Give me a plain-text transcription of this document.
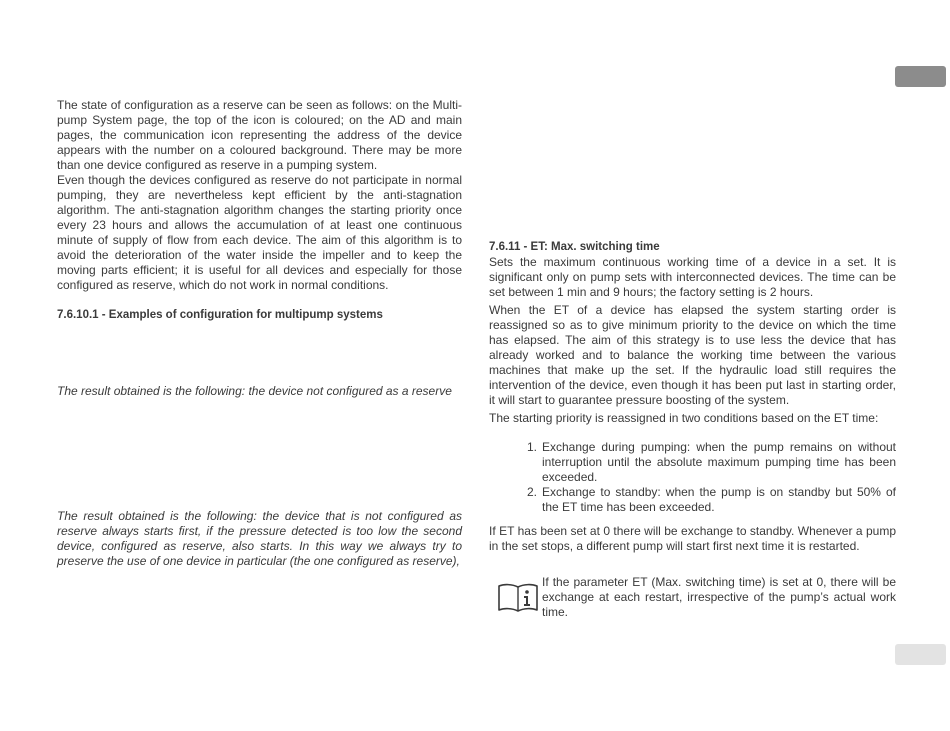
The state of configuration as a reserve can be seen as follows: on the Multi-pump System page, the top of the icon is coloured; on the AD and main pages, the communication icon representing the address of the device appears with the number on a coloured background. There may be more than one device configured as reserve in a pumping system.

Even though the devices configured as reserve do not participate in normal pumping, they are nevertheless kept efficient by the anti-stagnation algorithm. The anti-stagnation algorithm changes the starting priority once every 23 hours and allows the accumulation of at least one continuous minute of supply of flow from each device. The aim of this algorithm is to avoid the deterioration of the water inside the impeller and to keep the moving parts efficient; it is useful for all devices and especially for those configured as reserve, which do not work in normal conditions.

7.6.10.1 - Examples of configuration for multipump systems

The result obtained is the following: the device not configured as a reserve

The result obtained is the following: the device that is not configured as reserve always starts first, if the pressure detected is too low the second device, configured as reserve, also starts. In this way we always try to preserve the use of one device in particular (the one configured as reserve),

7.6.11 - ET: Max. switching time

Sets the maximum continuous working time of a device in a set. It is significant only on pump sets with interconnected devices. The time can be set between 1 min and 9 hours; the factory setting is 2 hours.

When the ET of a device has elapsed the system starting order is reassigned so as to give minimum priority to the device on which the time has elapsed. The aim of this strategy is to use less the device that has already worked and to balance the working time between the various machines that make up the set. If the hydraulic load still requires the intervention of the device, even though it has been put last in starting order, it will start to guarantee pressure boosting of the system.

The starting priority is reassigned in two conditions based on the ET time:

1. Exchange during pumping: when the pump remains on without interruption until the absolute maximum pumping time has been exceeded.
2. Exchange to standby: when the pump is on standby but 50% of the ET time has been exceeded.

If ET has been set at 0 there will be exchange to standby. Whenever a pump in the set stops, a different pump will start first next time it is restarted.

If the parameter ET (Max. switching time) is set at 0, there will be exchange at each restart, irrespective of the pump’s actual work time.
